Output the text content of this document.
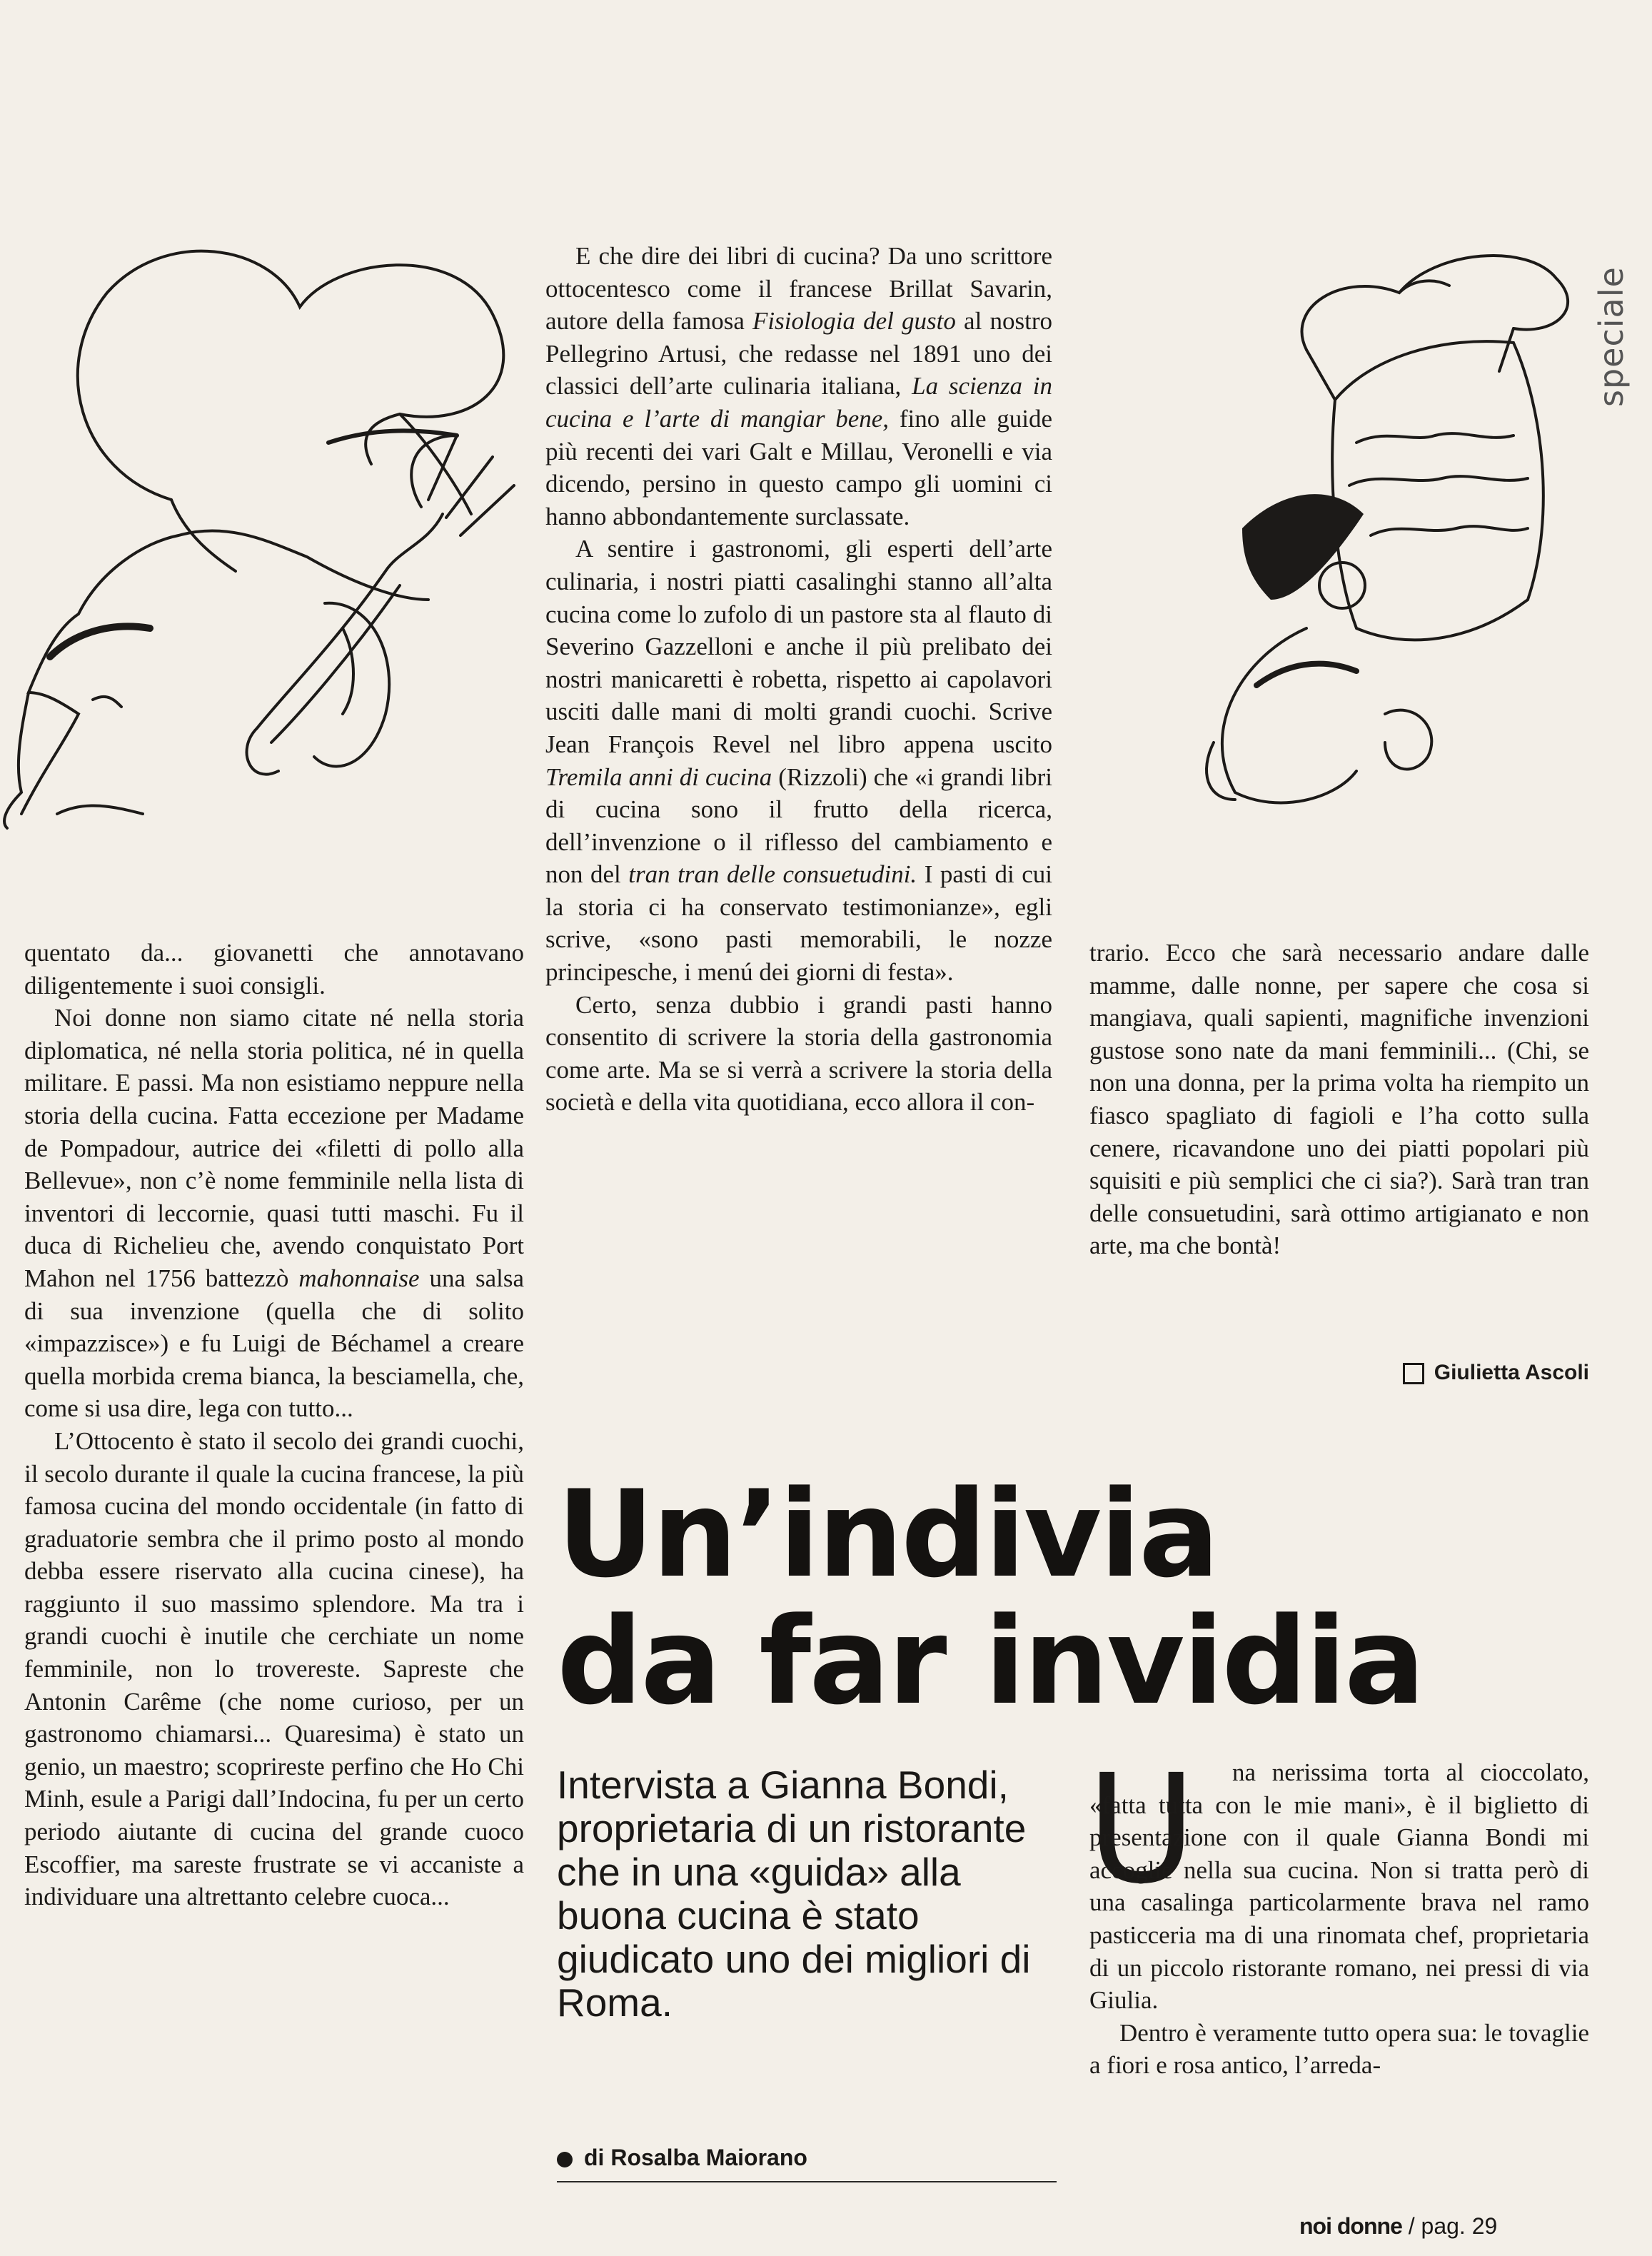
speciale

E che dire dei libri di cucina? Da uno scrittore ottocentesco come il francese Brillat Savarin, autore della famosa Fisiologia del gusto al nostro Pellegrino Artusi, che redasse nel 1891 uno dei classici dell’arte culinaria italiana, La scienza in cucina e l’arte di mangiar bene, fino alle guide più recenti dei vari Galt e Millau, Veronelli e via dicendo, persino in questo campo gli uomini ci hanno abbondantemente surclassate.

A sentire i gastronomi, gli esperti dell’arte culinaria, i nostri piatti casalinghi stanno all’alta cucina come lo zufolo di un pastore sta al flauto di Severino Gazzelloni e anche il più prelibato dei nostri manicaretti è robetta, rispetto ai capolavori usciti dalle mani di molti grandi cuochi. Scrive Jean François Revel nel libro appena uscito Tremila anni di cucina (Rizzoli) che «i grandi libri di cucina sono il frutto della ricerca, dell’invenzione o il riflesso del cambiamento e non del tran tran delle consuetudini. I pasti di cui la storia ci ha conservato testimonianze», egli scrive, «sono pasti memorabili, le nozze principesche, i menú dei giorni di festa».

Certo, senza dubbio i grandi pasti hanno consentito di scrivere la storia della gastronomia come arte. Ma se si verrà a scrivere la storia della società e della vita quotidiana, ecco allora il con-

quentato da... giovanetti che annotavano diligentemente i suoi consigli.

Noi donne non siamo citate né nella storia diplomatica, né nella storia politica, né in quella militare. E passi. Ma non esistiamo neppure nella storia della cucina. Fatta eccezione per Madame de Pompadour, autrice dei «filetti di pollo alla Bellevue», non c’è nome femminile nella lista di inventori di leccornie, quasi tutti maschi. Fu il duca di Richelieu che, avendo conquistato Port Mahon nel 1756 battezzò mahonnaise una salsa di sua invenzione (quella che di solito «impazzisce») e fu Luigi de Béchamel a creare quella morbida crema bianca, la besciamella, che, come si usa dire, lega con tutto...

L’Ottocento è stato il secolo dei grandi cuochi, il secolo durante il quale la cucina francese, la più famosa cucina del mondo occidentale (in fatto di graduatorie sembra che il primo posto al mondo debba essere riservato alla cucina cinese), ha raggiunto il suo massimo splendore. Ma tra i grandi cuochi è inutile che cerchiate un nome femminile, non lo trovereste. Sapreste che Antonin Carême (che nome curioso, per un gastronomo chiamarsi... Quaresima) è stato un genio, un maestro; scoprireste perfino che Ho Chi Minh, esule a Parigi dall’Indocina, fu per un certo periodo aiutante di cucina del grande cuoco Escoffier, ma sareste frustrate se vi accaniste a individuare una altrettanto celebre cuoca...

trario. Ecco che sarà necessario andare dalle mamme, dalle nonne, per sapere che cosa si mangiava, quali sapienti, magnifiche invenzioni gustose sono nate da mani femminili... (Chi, se non una donna, per la prima volta ha riempito un fiasco spagliato di fagioli e l’ha cotto sulla cenere, ricavandone uno dei piatti popolari più squisiti e più semplici che ci sia?). Sarà tran tran delle consuetudini, sarà ottimo artigianato e non arte, ma che bontà!

Giulietta Ascoli
Un’indivia
da far invidia
Intervista a Gianna Bondi, proprietaria di un ristorante che in una «guida» alla buona cucina è stato giudicato uno dei migliori di Roma.
di Rosalba Maiorano
U	na nerissima torta al cioccolato, «fatta tutta con le mie mani», è il biglietto di presentazione con il quale Gianna Bondi mi accoglie nella sua cucina. Non si tratta però di una casalinga particolarmente brava nel ramo pasticceria ma di una rinomata chef, proprietaria di un piccolo ristorante romano, nei pressi di via Giulia.

Dentro è veramente tutto opera sua: le tovaglie a fiori e rosa antico, l’arreda-

noi donne / pag. 29
